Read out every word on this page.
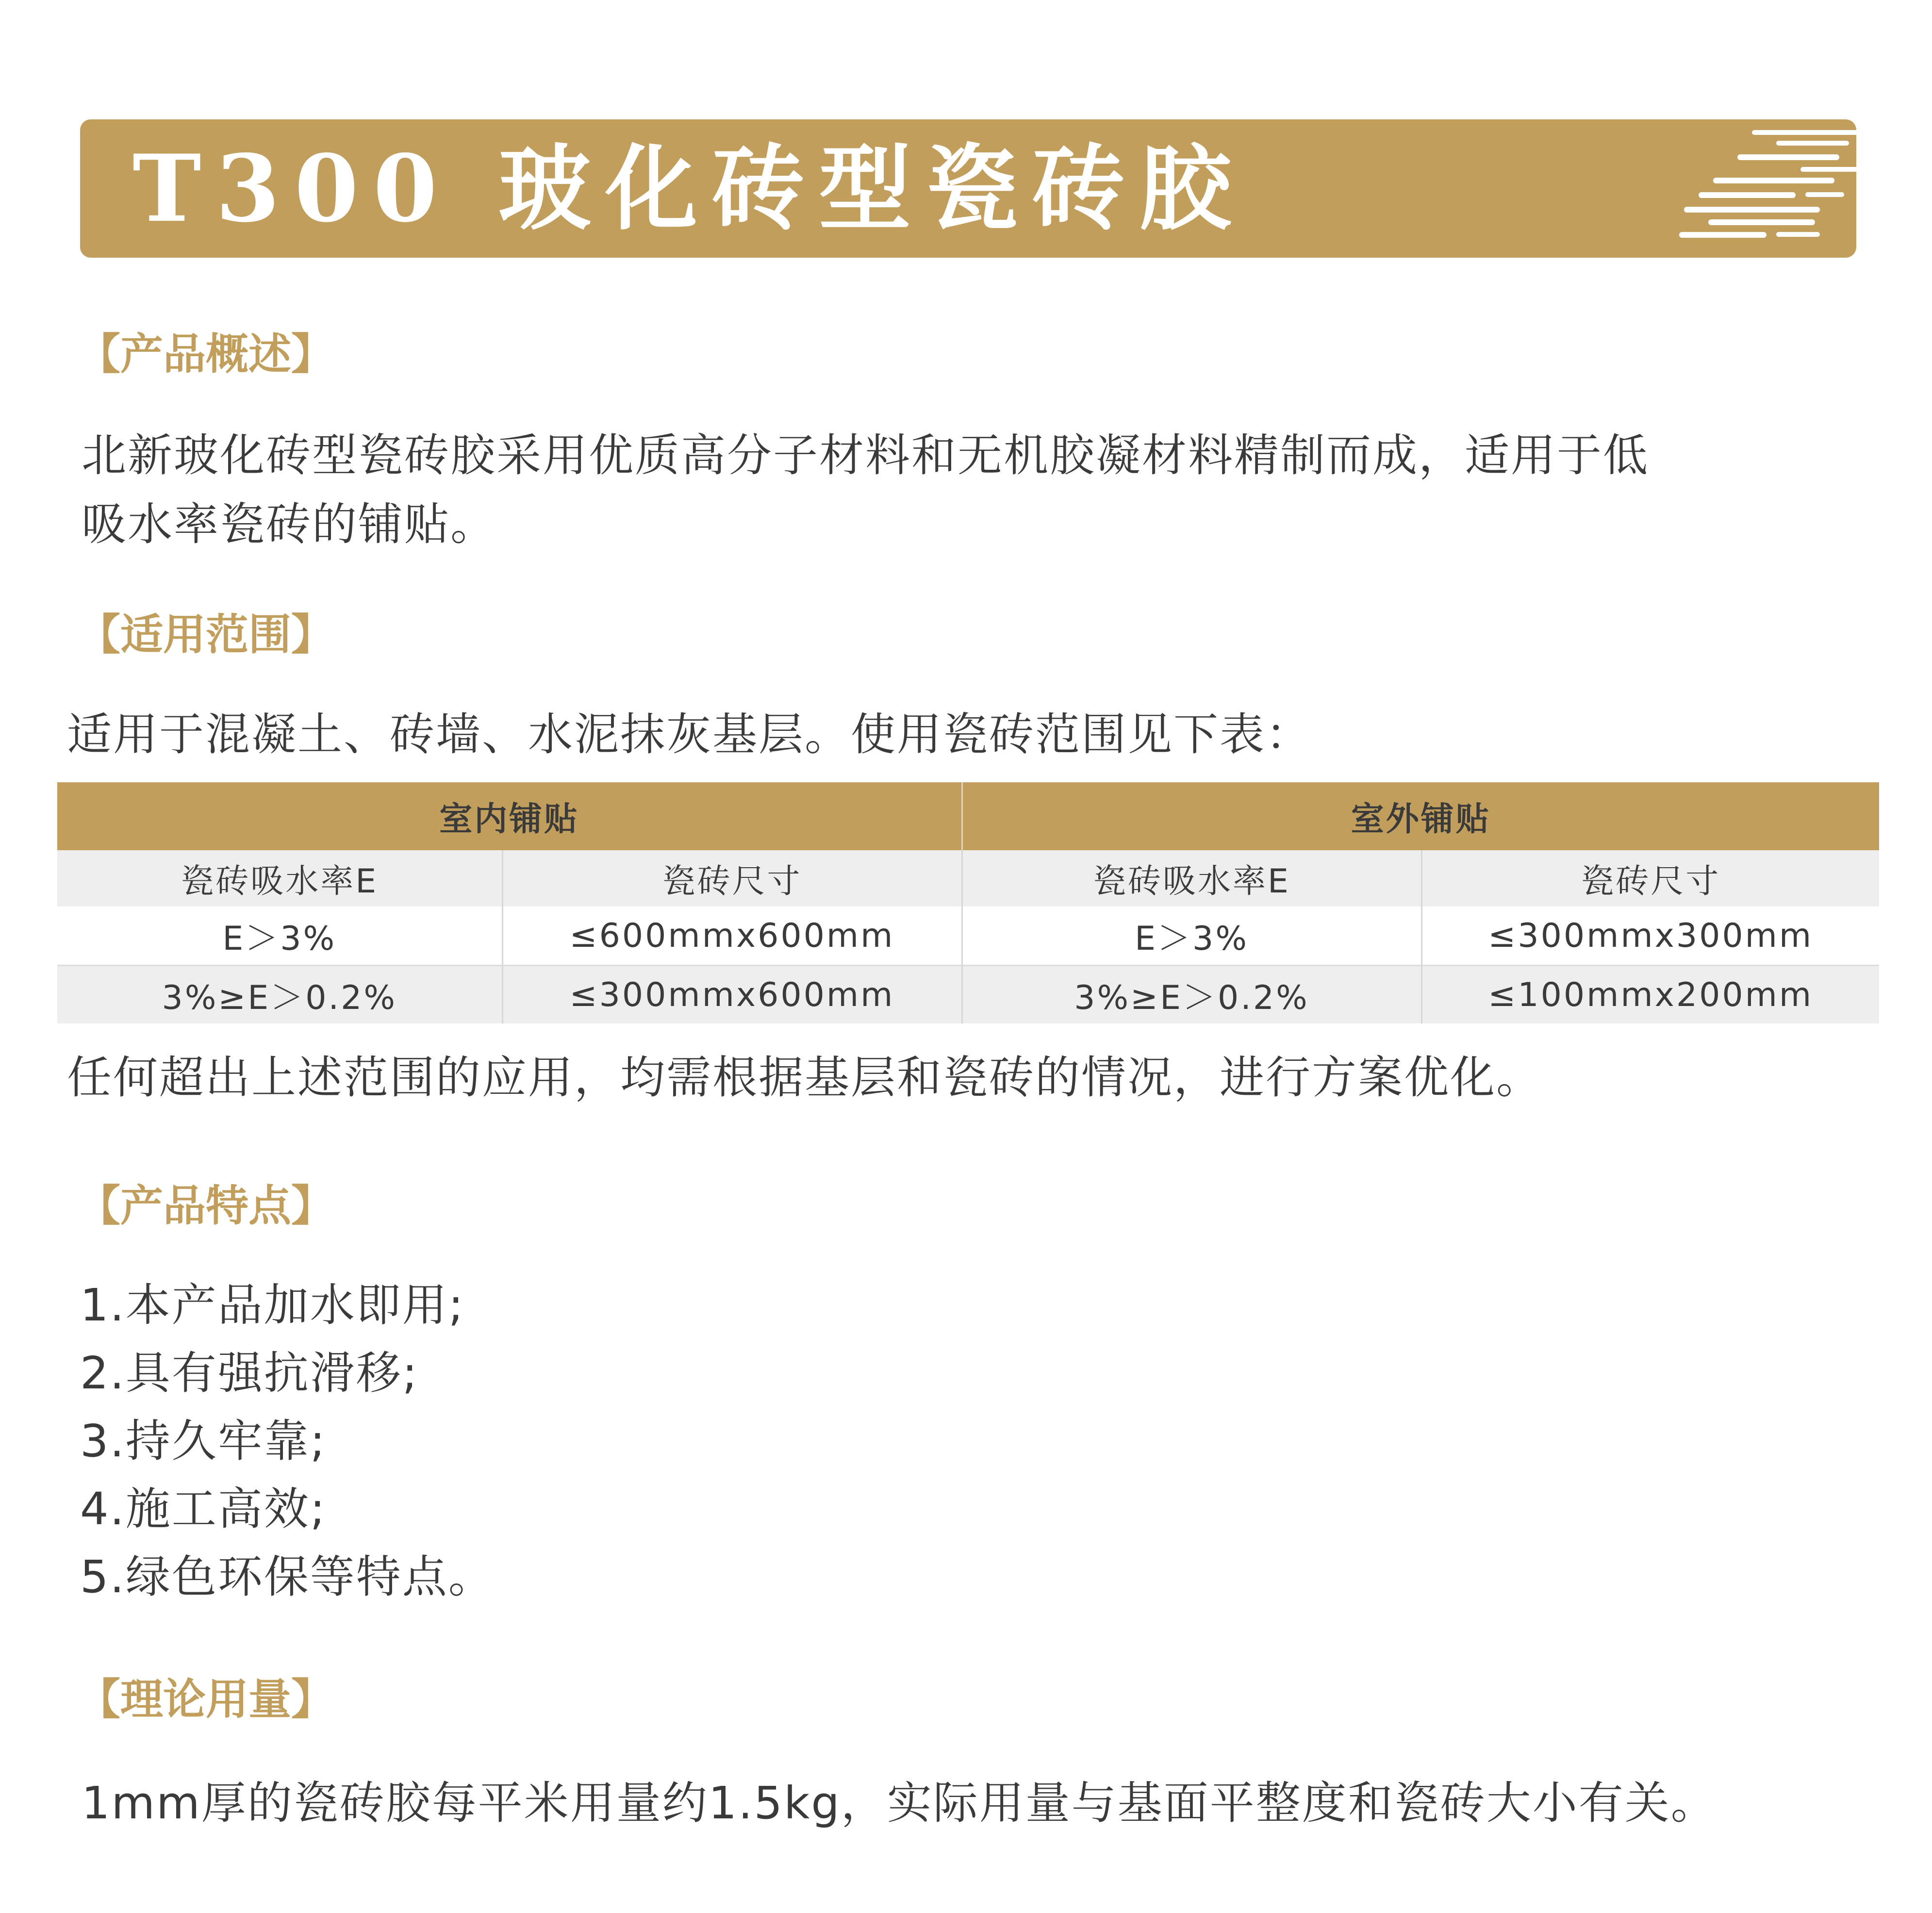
T300 玻化砖型瓷砖胶
【产品概述】
北新玻化砖型瓷砖胶采用优质高分子材料和无机胶凝材料精制而成，适用于低
吸水率瓷砖的铺贴。
【适用范围】
适用于混凝土、砖墙、水泥抹灰基层。使用瓷砖范围见下表：
室内铺贴		室外铺贴	
瓷砖吸水率E	瓷砖尺寸	瓷砖吸水率E	瓷砖尺寸
E＞3%	≤600mmx600mm	E＞3%	≤300mmx300mm
3%≥E＞0.2%	≤300mmx600mm	3%≥E＞0.2%	≤100mmx200mm
任何超出上述范围的应用，均需根据基层和瓷砖的情况，进行方案优化。
【产品特点】
1.本产品加水即用;
2.具有强抗滑移;
3.持久牢靠;
4.施工高效;
5.绿色环保等特点。
【理论用量】
1mm厚的瓷砖胶每平米用量约1.5kg，实际用量与基面平整度和瓷砖大小有关。
